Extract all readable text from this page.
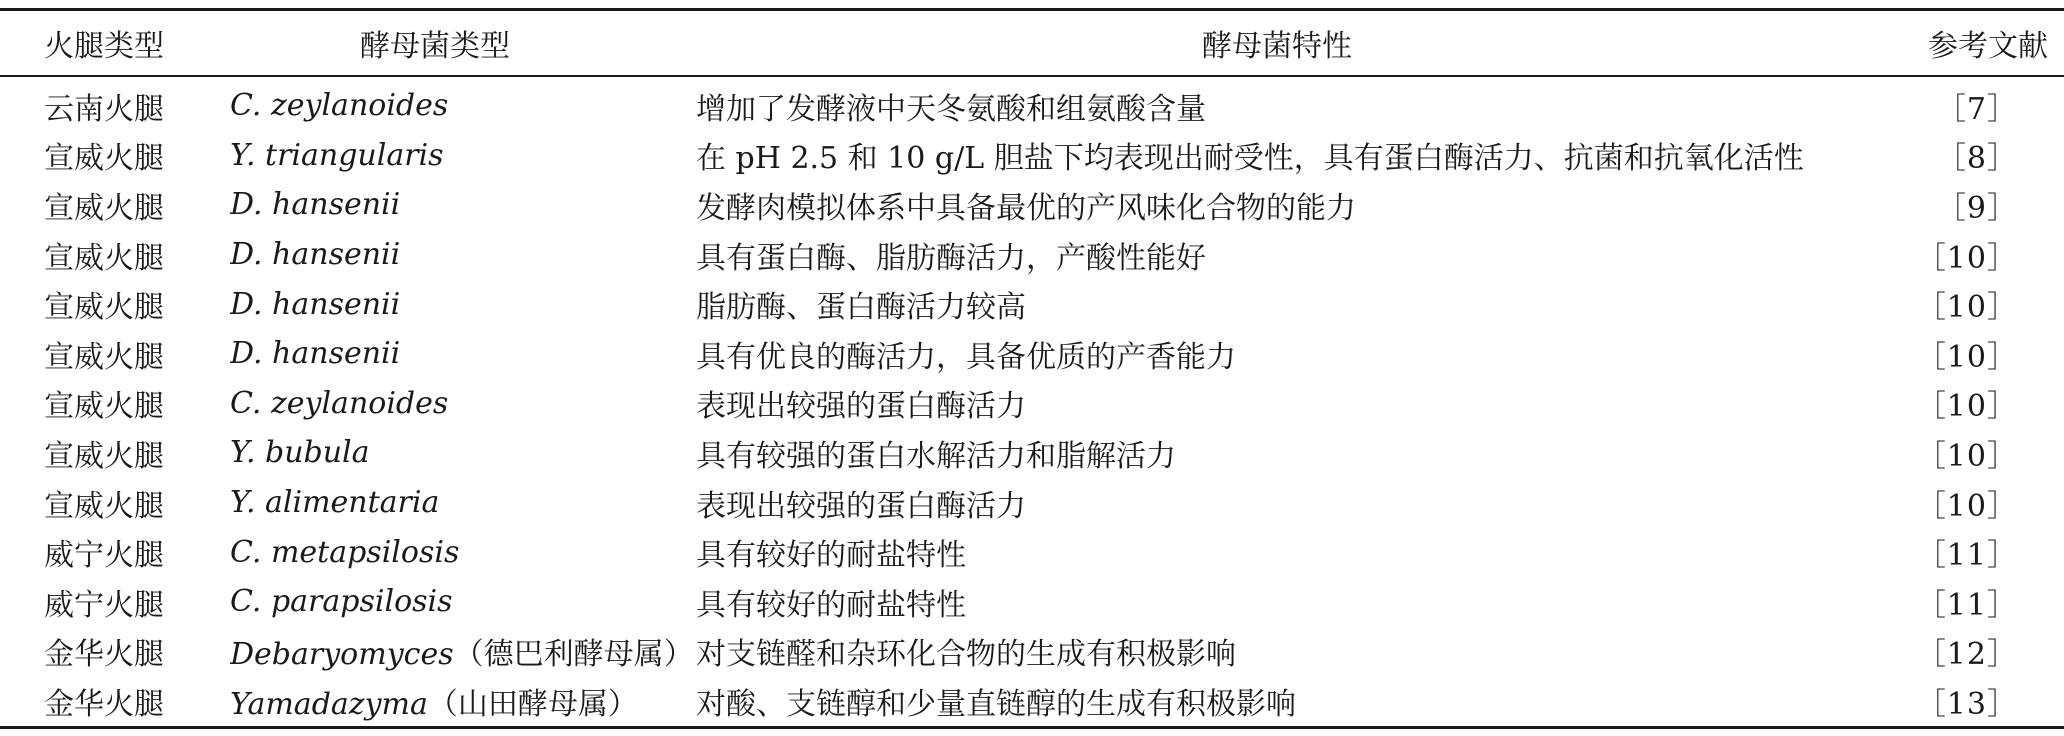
火腿类型	酵母菌类型	酵母菌特性	参考文献
云南火腿	C. zeylanoides	增加了发酵液中天冬氨酸和组氨酸含量	［7］
宣威火腿	Y. triangularis	在 pH 2.5 和 10 g/L 胆盐下均表现出耐受性，具有蛋白酶活力、抗菌和抗氧化活性	［8］
宣威火腿	D. hansenii	发酵肉模拟体系中具备最优的产风味化合物的能力	［9］
宣威火腿	D. hansenii	具有蛋白酶、脂肪酶活力，产酸性能好	［10］
宣威火腿	D. hansenii	脂肪酶、蛋白酶活力较高	［10］
宣威火腿	D. hansenii	具有优良的酶活力，具备优质的产香能力	［10］
宣威火腿	C. zeylanoides	表现出较强的蛋白酶活力	［10］
宣威火腿	Y. bubula	具有较强的蛋白水解活力和脂解活力	［10］
宣威火腿	Y. alimentaria	表现出较强的蛋白酶活力	［10］
威宁火腿	C. metapsilosis	具有较好的耐盐特性	［11］
威宁火腿	C. parapsilosis	具有较好的耐盐特性	［11］
金华火腿	Debaryomyces（德巴利酵母属）	对支链醛和杂环化合物的生成有积极影响	［12］
金华火腿	Yamadazyma（山田酵母属）	对酸、支链醇和少量直链醇的生成有积极影响	［13］
